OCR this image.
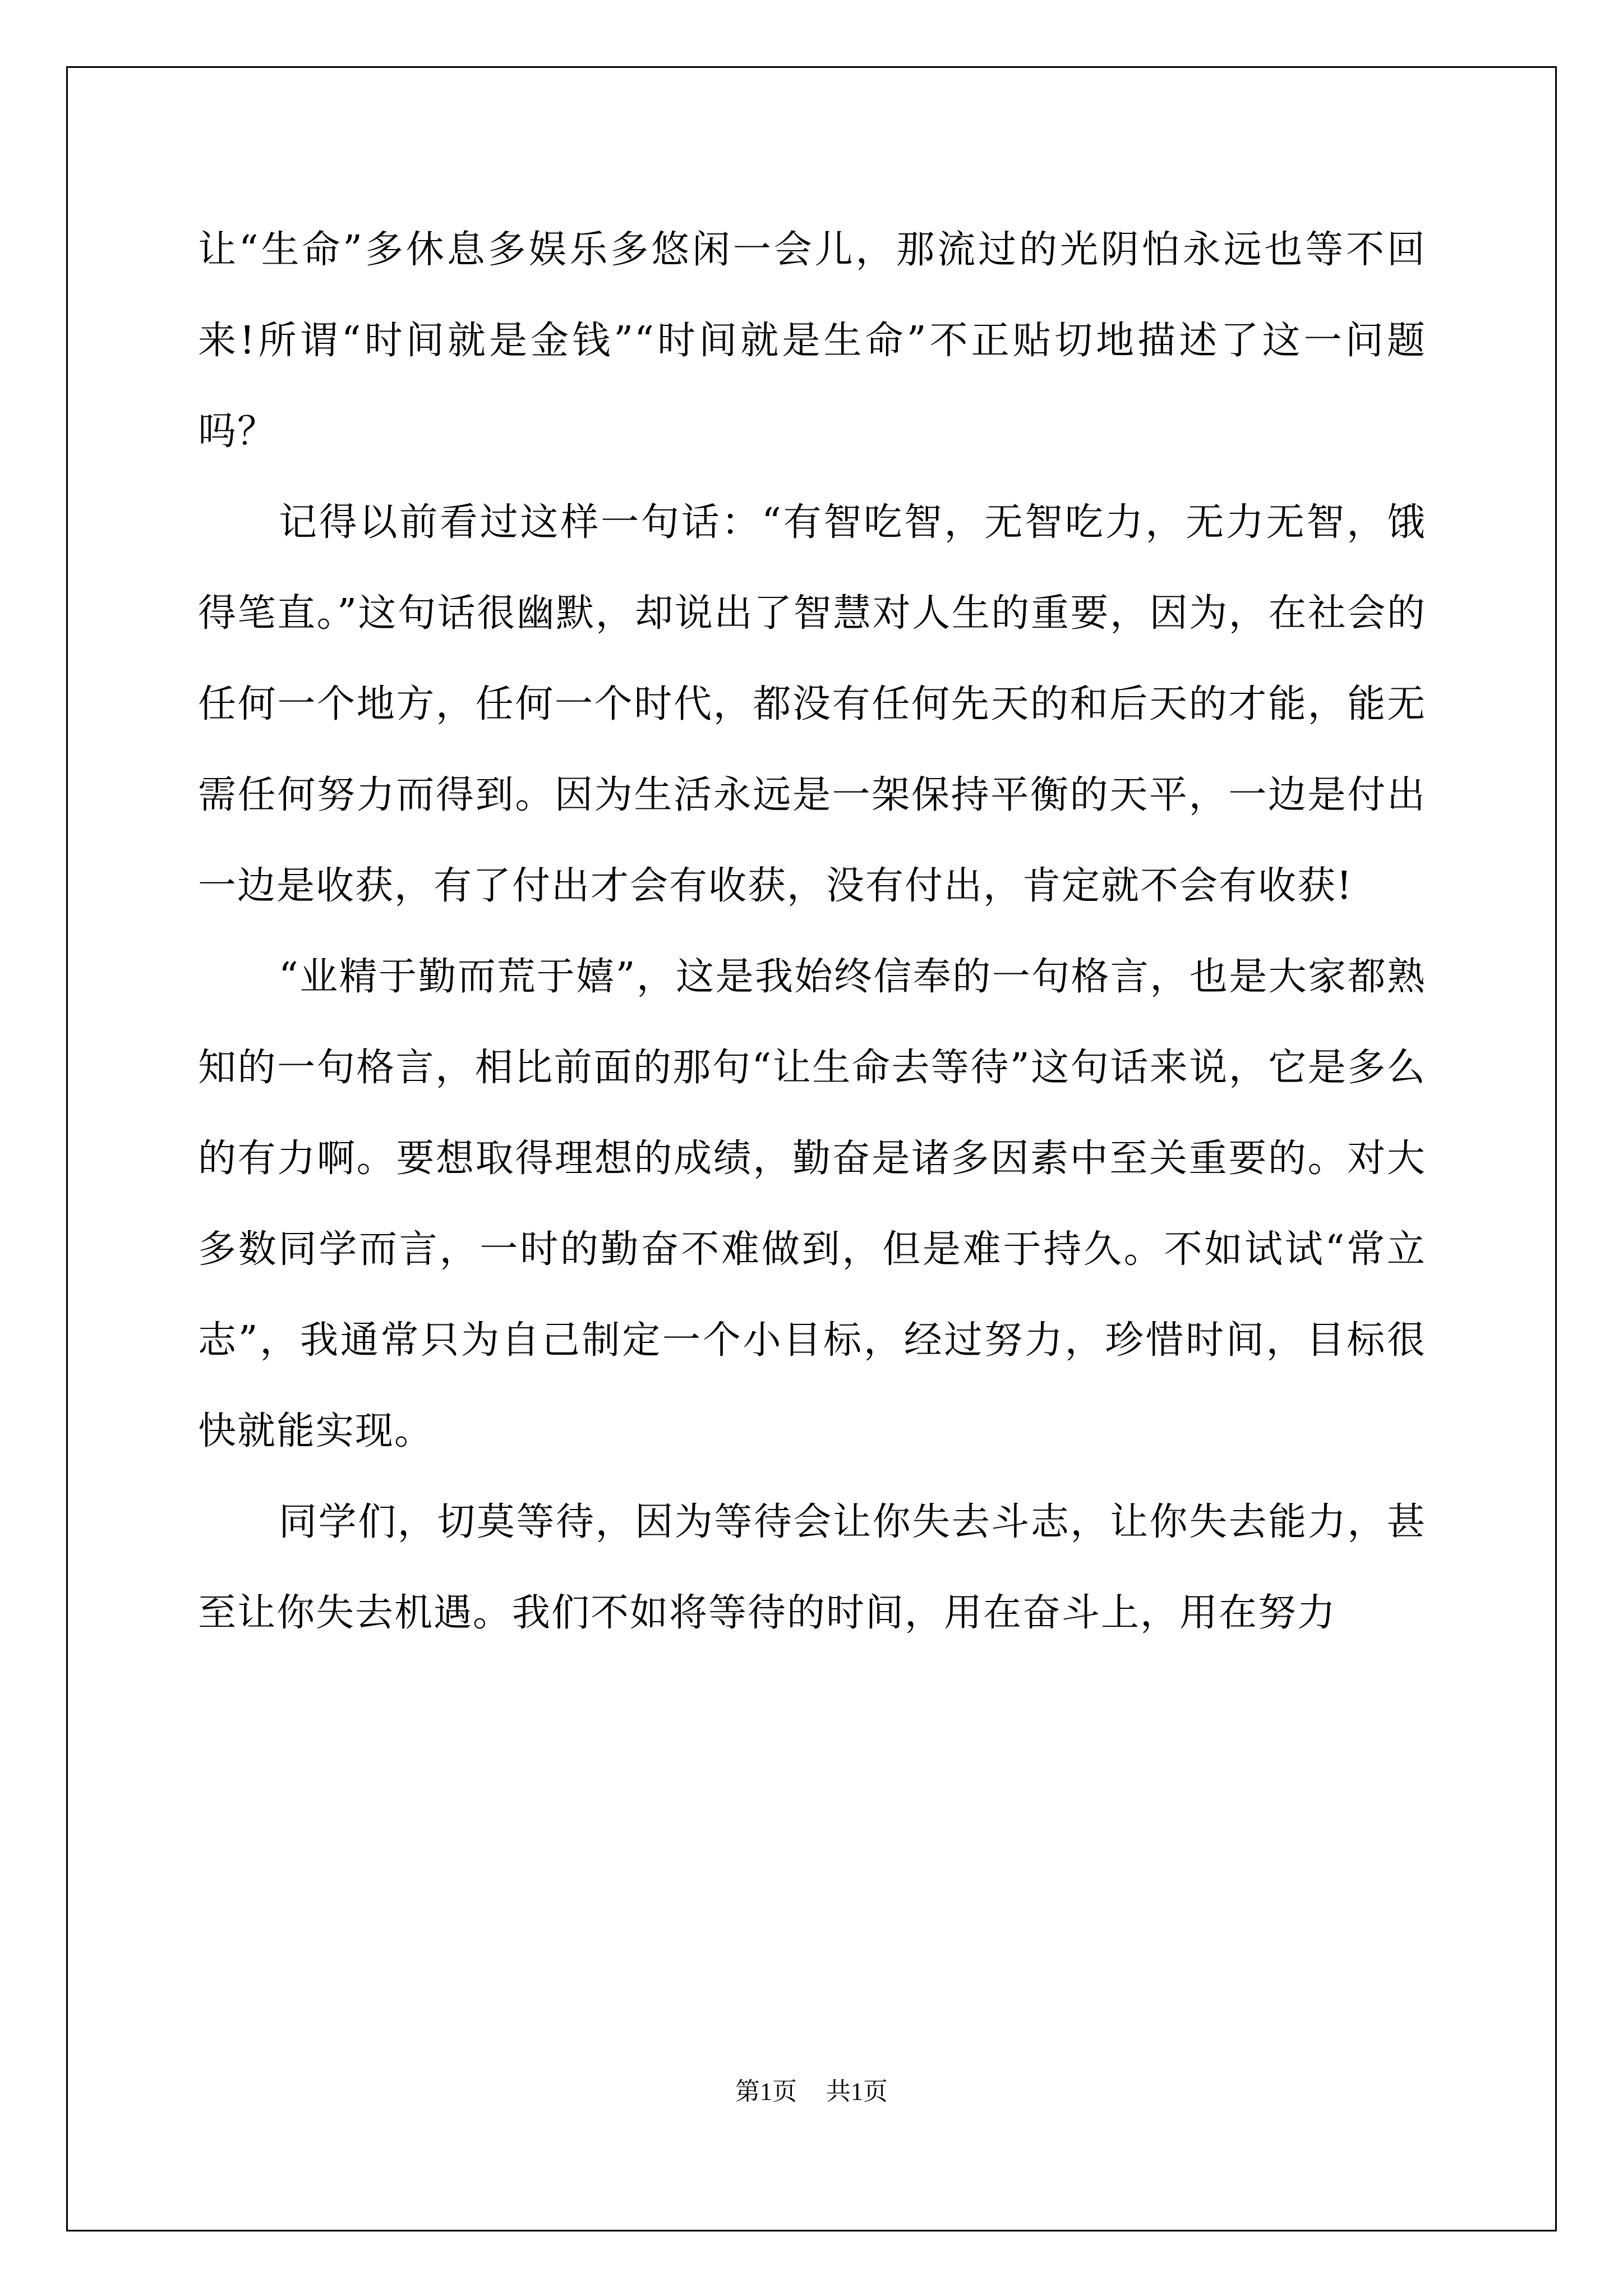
让“生命”多休息多娱乐多悠闲一会儿，那流过的光阴怕永远也等不回来!所谓“时间就是金钱”“时间就是生命”不正贴切地描述了这一问题吗？

记得以前看过这样一句话：“有智吃智，无智吃力，无力无智，饿得笔直。”这句话很幽默，却说出了智慧对人生的重要，因为，在社会的任何一个地方，任何一个时代，都没有任何先天的和后天的才能，能无需任何努力而得到。因为生活永远是一架保持平衡的天平，一边是付出一边是收获，有了付出才会有收获，没有付出，肯定就不会有收获!

“业精于勤而荒于嬉”，这是我始终信奉的一句格言，也是大家都熟知的一句格言，相比前面的那句“让生命去等待”这句话来说，它是多么的有力啊。要想取得理想的成绩，勤奋是诸多因素中至关重要的。对大多数同学而言，一时的勤奋不难做到，但是难于持久。不如试试“常立志”，我通常只为自己制定一个小目标，经过努力，珍惜时间，目标很快就能实现。

同学们，切莫等待，因为等待会让你失去斗志，让你失去能力，甚至让你失去机遇。我们不如将等待的时间，用在奋斗上，用在努力

第1页 共1页
